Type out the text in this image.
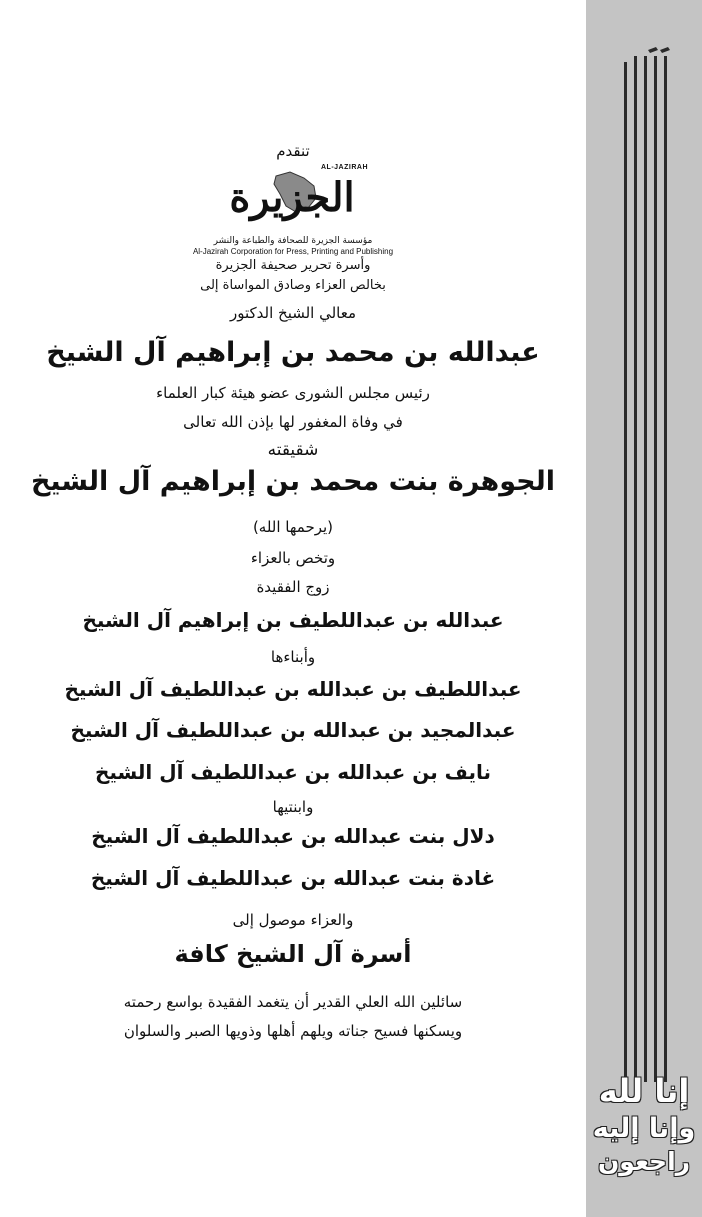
تنقدم
AL-JAZIRAH
الجزيرة
مؤسسة الجزيرة للصحافة والطباعة والنشر
Al-Jazirah Corporation for Press, Printing and Publishing
وأسرة تحرير صحيفة الجزيرة
بخالص العزاء وصادق المواساة إلى
معالي الشيخ الدكتور
عبدالله بن محمد بن إبراهيم آل الشيخ
رئيس مجلس الشورى عضو هيئة كبار العلماء
في وفاة المغفور لها بإذن الله تعالى
شقيقته
الجوهرة بنت محمد بن إبراهيم آل الشيخ
(يرحمها الله)
وتخص بالعزاء
زوج الفقيدة
عبدالله بن عبداللطيف بن إبراهيم آل الشيخ
وأبناءها
عبداللطيف بن عبدالله بن عبداللطيف آل الشيخ
عبدالمجيد بن عبدالله بن عبداللطيف آل الشيخ
نايف بن عبدالله بن عبداللطيف آل الشيخ
وابنتيها
دلال بنت عبدالله بن عبداللطيف آل الشيخ
غادة بنت عبدالله بن عبداللطيف آل الشيخ
والعزاء موصول إلى
أسرة آل الشيخ كافة
سائلين الله العلي القدير أن يتغمد الفقيدة بواسع رحمته
ويسكنها فسيح جناته ويلهم أهلها وذويها الصبر والسلوان
إنا لله
وإنا إليه
راجعون
